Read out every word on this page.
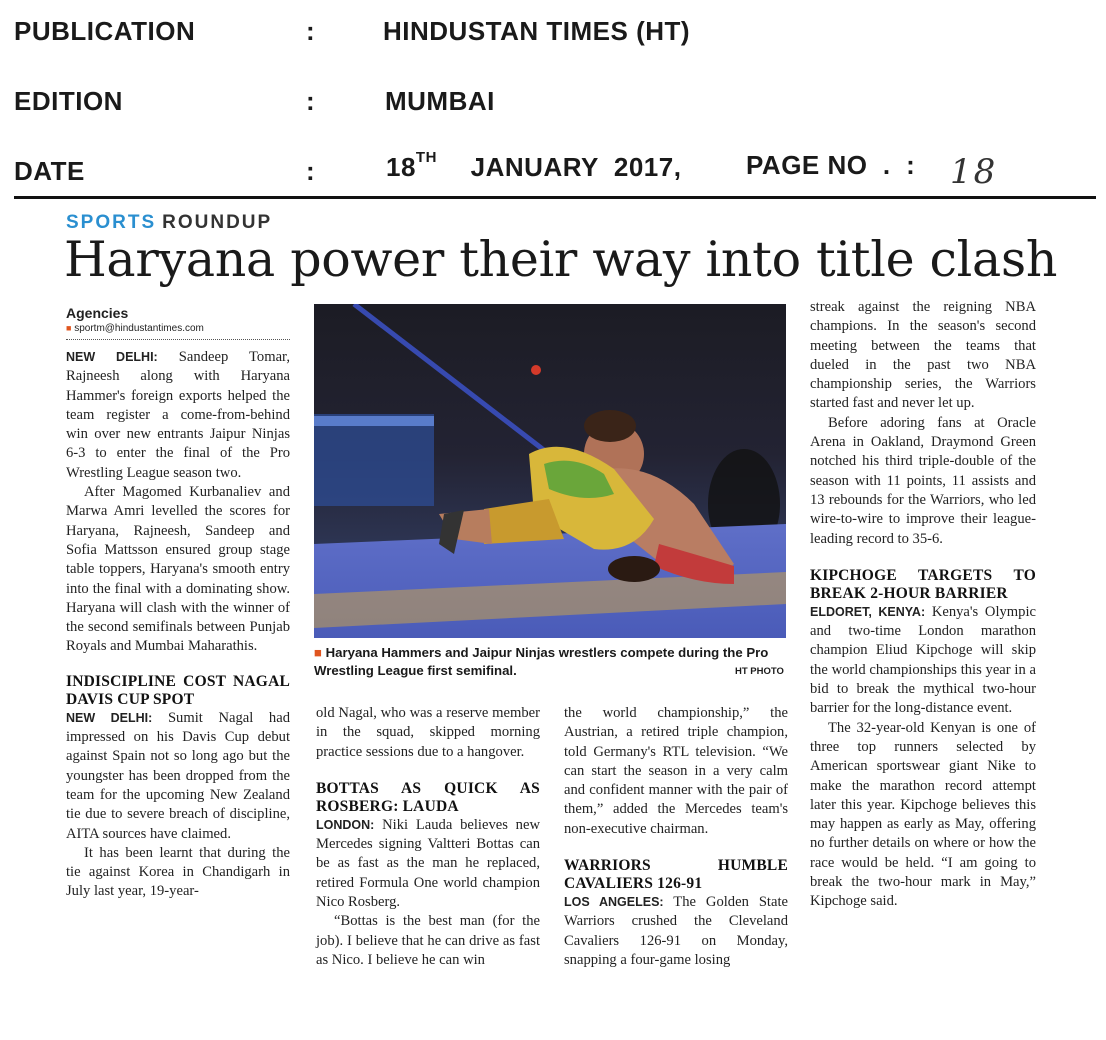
PUBLICATION	:	HINDUSTAN TIMES (HT)
EDITION	:	MUMBAI
DATE	:	18TH JANUARY  2017, PAGE NO  .  : 18
SPORTS ROUNDUP
Haryana power their way into title clash
Agencies
■ sportm@hindustantimes.com

NEW DELHI: Sandeep Tomar, Rajneesh along with Haryana Hammer's foreign exports helped the team register a come-from-behind win over new entrants Jaipur Ninjas 6-3 to enter the final of the Pro Wrestling League season two.

After Magomed Kurbanaliev and Marwa Amri levelled the scores for Haryana, Rajneesh, Sandeep and Sofia Mattsson ensured group stage table toppers, Haryana's smooth entry into the final with a dominating show. Haryana will clash with the winner of the second semifinals between Punjab Royals and Mumbai Maharathis.

INDISCIPLINE COST NAGAL DAVIS CUP SPOT

NEW DELHI: Sumit Nagal had impressed on his Davis Cup debut against Spain not so long ago but the youngster has been dropped from the team for the upcoming New Zealand tie due to severe breach of discipline, AITA sources have claimed.

It has been learnt that during the tie against Korea in Chandigarh in July last year, 19-year-

■ Haryana Hammers and Jaipur Ninjas wrestlers compete during the Pro Wrestling League first semifinal.	HT PHOTO

old Nagal, who was a reserve member in the squad, skipped morning practice sessions due to a hangover.

BOTTAS AS QUICK AS ROSBERG: LAUDA

LONDON: Niki Lauda believes new Mercedes signing Valtteri Bottas can be as fast as the man he replaced, retired Formula One world champion Nico Rosberg.

“Bottas is the best man (for the job). I believe that he can drive as fast as Nico. I believe he can win

the world championship,” the Austrian, a retired triple champion, told Germany's RTL television. “We can start the season in a very calm and confident manner with the pair of them,” added the Mercedes team's non-executive chairman.

WARRIORS HUMBLE CAVALIERS 126-91

LOS ANGELES: The Golden State Warriors crushed the Cleveland Cavaliers 126-91 on Monday, snapping a four-game losing

streak against the reigning NBA champions. In the season's second meeting between the teams that dueled in the past two NBA championship series, the Warriors started fast and never let up.

Before adoring fans at Oracle Arena in Oakland, Draymond Green notched his third triple-double of the season with 11 points, 11 assists and 13 rebounds for the Warriors, who led wire-to-wire to improve their league-leading record to 35-6.

KIPCHOGE TARGETS TO BREAK 2-HOUR BARRIER

ELDORET, KENYA: Kenya's Olympic and two-time London marathon champion Eliud Kipchoge will skip the world championships this year in a bid to break the mythical two-hour barrier for the long-distance event.

The 32-year-old Kenyan is one of three top runners selected by American sportswear giant Nike to make the marathon record attempt later this year. Kipchoge believes this may happen as early as May, offering no further details on where or how the race would be held. “I am going to break the two-hour mark in May,” Kipchoge said.
